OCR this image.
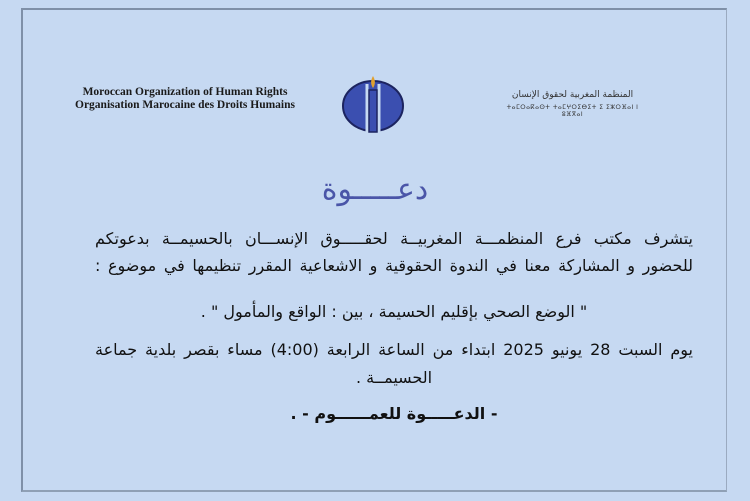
Moroccan Organization of Human Rights
Organisation Marocaine des Droits Humains
المنظمة المغربية لحقوق الإنسان
ⵜⴰⵎⵔⴰⴽⴰⵙⵜ ⵜⴰⵎⵖⵔⵉⴱⵉⵜ ⵉ ⵉⵣⵔⴼⴰⵏ ⵏ ⵓⴼⴳⴰⵏ
دعـــــوة
يتشرف مكتب فرع المنظمـــة المغربيــة لحقـــــوق الإنســـان بالحسيمــة بدعوتكم
للحضور و المشاركة معنا في الندوة الحقوقية و الاشعاعية المقرر تنظيمها في موضوع :
" الوضع الصحي بإقليم الحسيمة ، بين : الواقع والمأمول " .
يوم السبت 28 يونيو 2025 ابتداء من الساعة الرابعة (4:00) مساء بقصر بلدية جماعة
الحسيمــة .
- الدعـــــوة للعمــــــوم - .
